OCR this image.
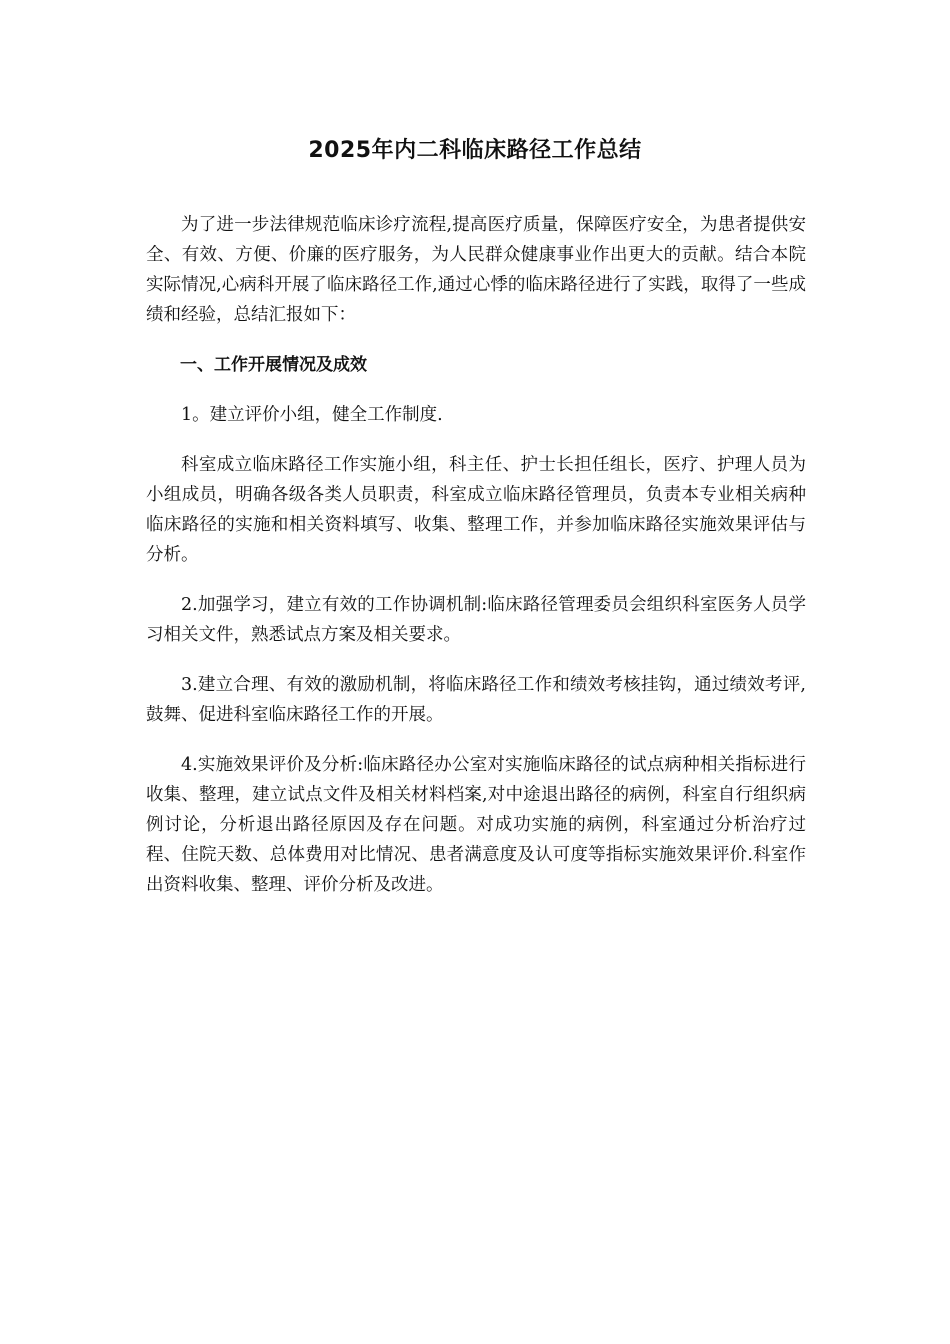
2025年内二科临床路径工作总结

为了进一步法律规范临床诊疗流程,提高医疗质量，保障医疗安全，为患者提供安全、有效、方便、价廉的医疗服务，为人民群众健康事业作出更大的贡献。结合本院实际情况,心病科开展了临床路径工作,通过心悸的临床路径进行了实践，取得了一些成绩和经验，总结汇报如下：

一、工作开展情况及成效

1。建立评价小组，健全工作制度.

科室成立临床路径工作实施小组，科主任、护士长担任组长，医疗、护理人员为小组成员，明确各级各类人员职责，科室成立临床路径管理员，负责本专业相关病种临床路径的实施和相关资料填写、收集、整理工作，并参加临床路径实施效果评估与分析。

2.加强学习，建立有效的工作协调机制:临床路径管理委员会组织科室医务人员学习相关文件，熟悉试点方案及相关要求。

3.建立合理、有效的激励机制，将临床路径工作和绩效考核挂钩，通过绩效考评,鼓舞、促进科室临床路径工作的开展。

4.实施效果评价及分析:临床路径办公室对实施临床路径的试点病种相关指标进行收集、整理，建立试点文件及相关材料档案,对中途退出路径的病例，科室自行组织病例讨论，分析退出路径原因及存在问题。对成功实施的病例，科室通过分析治疗过程、住院天数、总体费用对比情况、患者满意度及认可度等指标实施效果评价.科室作出资料收集、整理、评价分析及改进。
